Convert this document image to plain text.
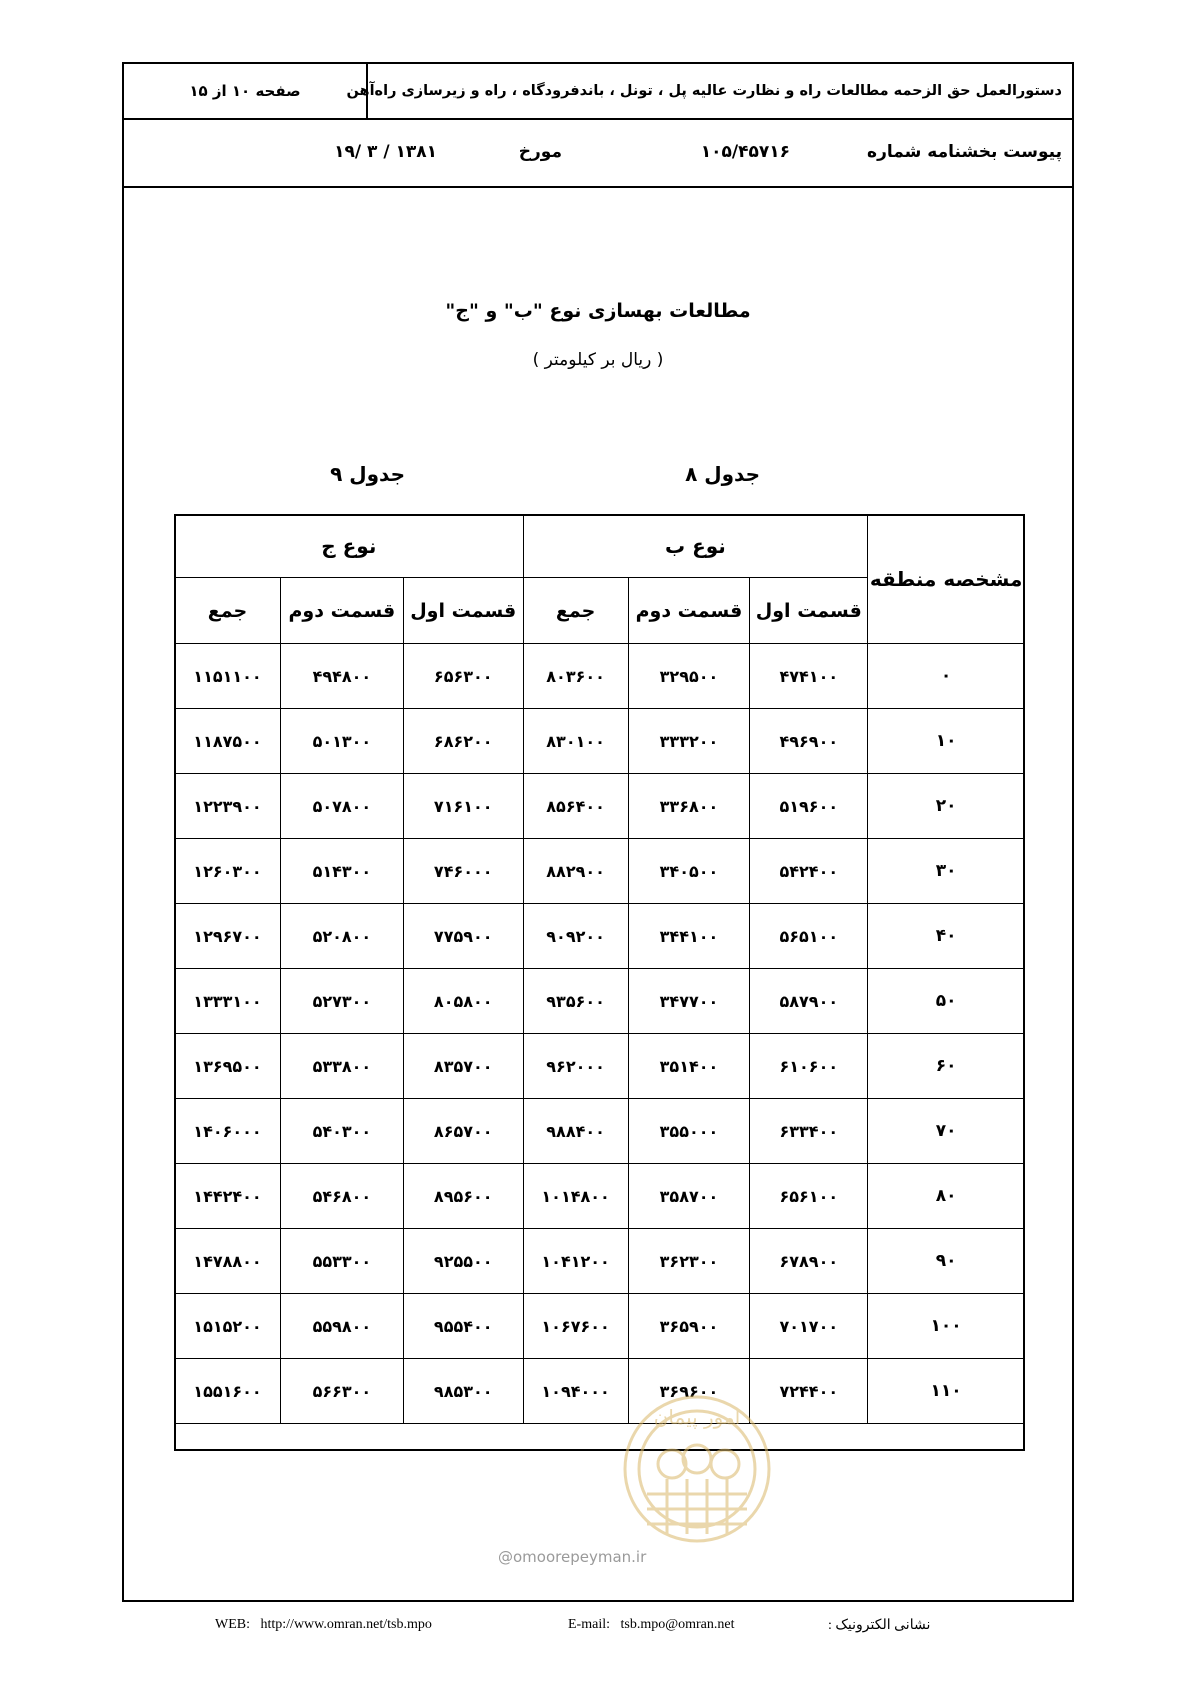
دستورالعمل حق الزحمه مطالعات راه و نظارت عالیه پل ، تونل ، باندفرودگاه ، راه و زیرسازی راه‌آهن
صفحه ۱۰ از ۱۵
پیوست بخشنامه شماره
۱۰۵/۴۵۷۱۶
مورخ
۱۳۸۱ / ۳ /۱۹
مطالعات بهسازی نوع "ب" و "ج"
( ریال بر کیلومتر )
جدول ۸
جدول ۹
مشخصه منطقه	نوع ب			نوع ج		
	قسمت اول	قسمت دوم	جمع	قسمت اول	قسمت دوم	جمع
۰	۴۷۴۱۰۰	۳۲۹۵۰۰	۸۰۳۶۰۰	۶۵۶۳۰۰	۴۹۴۸۰۰	۱۱۵۱۱۰۰
۱۰	۴۹۶۹۰۰	۳۳۳۲۰۰	۸۳۰۱۰۰	۶۸۶۲۰۰	۵۰۱۳۰۰	۱۱۸۷۵۰۰
۲۰	۵۱۹۶۰۰	۳۳۶۸۰۰	۸۵۶۴۰۰	۷۱۶۱۰۰	۵۰۷۸۰۰	۱۲۲۳۹۰۰
۳۰	۵۴۲۴۰۰	۳۴۰۵۰۰	۸۸۲۹۰۰	۷۴۶۰۰۰	۵۱۴۳۰۰	۱۲۶۰۳۰۰
۴۰	۵۶۵۱۰۰	۳۴۴۱۰۰	۹۰۹۲۰۰	۷۷۵۹۰۰	۵۲۰۸۰۰	۱۲۹۶۷۰۰
۵۰	۵۸۷۹۰۰	۳۴۷۷۰۰	۹۳۵۶۰۰	۸۰۵۸۰۰	۵۲۷۳۰۰	۱۳۳۳۱۰۰
۶۰	۶۱۰۶۰۰	۳۵۱۴۰۰	۹۶۲۰۰۰	۸۳۵۷۰۰	۵۳۳۸۰۰	۱۳۶۹۵۰۰
۷۰	۶۳۳۴۰۰	۳۵۵۰۰۰	۹۸۸۴۰۰	۸۶۵۷۰۰	۵۴۰۳۰۰	۱۴۰۶۰۰۰
۸۰	۶۵۶۱۰۰	۳۵۸۷۰۰	۱۰۱۴۸۰۰	۸۹۵۶۰۰	۵۴۶۸۰۰	۱۴۴۲۴۰۰
۹۰	۶۷۸۹۰۰	۳۶۲۳۰۰	۱۰۴۱۲۰۰	۹۲۵۵۰۰	۵۵۳۳۰۰	۱۴۷۸۸۰۰
۱۰۰	۷۰۱۷۰۰	۳۶۵۹۰۰	۱۰۶۷۶۰۰	۹۵۵۴۰۰	۵۵۹۸۰۰	۱۵۱۵۲۰۰
۱۱۰	۷۲۴۴۰۰	۳۶۹۶۰۰	۱۰۹۴۰۰۰	۹۸۵۳۰۰	۵۶۶۳۰۰	۱۵۵۱۶۰۰
امور پیمان
@omoorepeyman.ir
WEB: http://www.omran.net/tsb.mpo	E-mail: tsb.mpo@omran.net	نشانی الکترونیک :
